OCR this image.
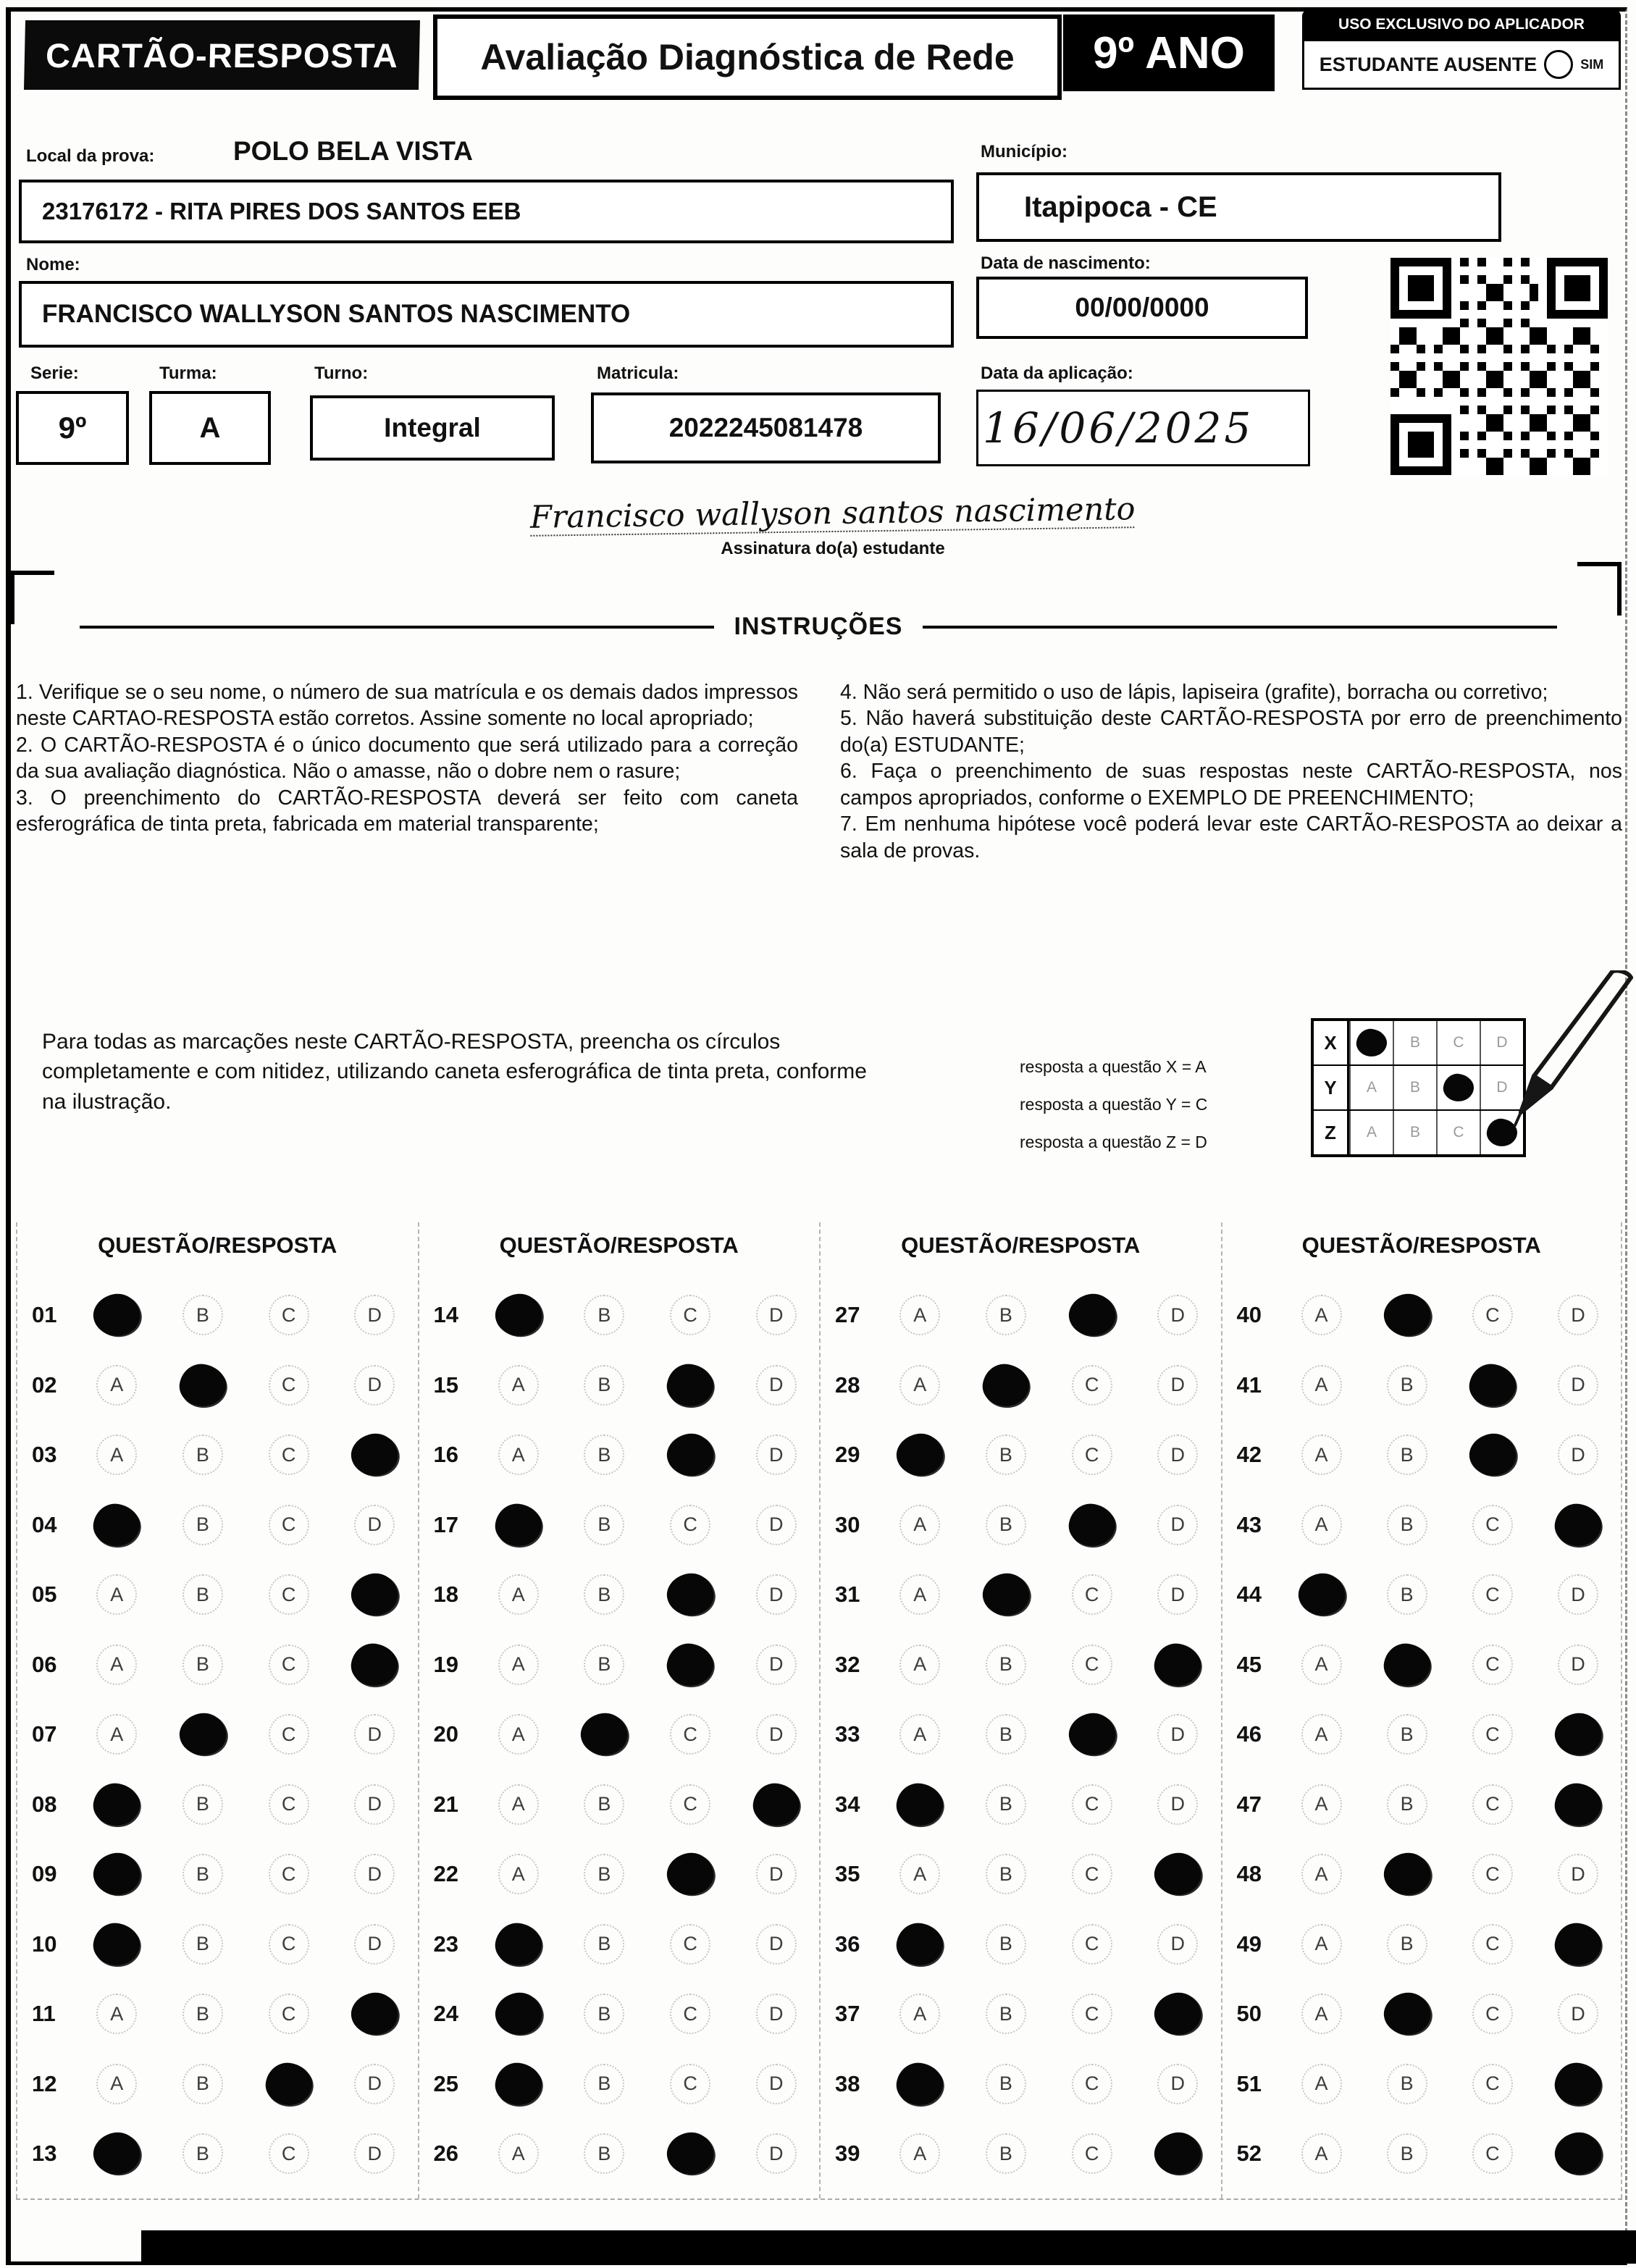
CARTÃO-RESPOSTA	Avaliação Diagnóstica de Rede	9º ANO
USO EXCLUSIVO DO APLICADOR
ESTUDANTE AUSENTE	SIM
Local da prova:	POLO BELA VISTA
23176172 - RITA PIRES DOS SANTOS EEB
Município:
Itapipoca - CE
Nome:
FRANCISCO WALLYSON SANTOS NASCIMENTO
Data de nascimento:
00/00/0000
Serie:
9º
Turma:
A
Turno:
Integral
Matricula:
2022245081478
Data da aplicação:
16/06/2025
Francisco wallyson santos nascimento
Assinatura do(a) estudante
INSTRUÇÕES

1. Verifique se o seu nome, o número de sua matrícula e os demais dados impressos neste CARTAO-RESPOSTA estão corretos. Assine somente no local apropriado;

2. O CARTÃO-RESPOSTA é o único documento que será utilizado para a correção da sua avaliação diagnóstica. Não o amasse, não o dobre nem o rasure;

3. O preenchimento do CARTÃO-RESPOSTA deverá ser feito com caneta esferográfica de tinta preta, fabricada em material transparente;

4. Não será permitido o uso de lápis, lapiseira (grafite), borracha ou corretivo;

5. Não haverá substituição deste CARTÃO-RESPOSTA por erro de preenchimento do(a) ESTUDANTE;

6. Faça o preenchimento de suas respostas neste CARTÃO-RESPOSTA, nos campos apropriados, conforme o EXEMPLO DE PREENCHIMENTO;

7. Em nenhuma hipótese você poderá levar este CARTÃO-RESPOSTA ao deixar a sala de provas.

Para todas as marcações neste CARTÃO-RESPOSTA, preencha os círculos completamente e com nitidez, utilizando caneta esferográfica de tinta preta, conforme na ilustração.
resposta a questão X = A
resposta a questão Y = C
resposta a questão Z = D
X	B C D
Y	A B	D
Z	A B C
QUESTÃO/RESPOSTA
01	B	C	D
02	A	C	D
03	A	B	C
04	B	C	D
05	A	B	C
06	A	B	C
07	A	C	D
08	B	C	D
09	B	C	D
10	B	C	D
11	A	B	C
12	A	B	D
13	B	C	D
QUESTÃO/RESPOSTA
14	B	C	D
15	A	B	D
16	A	B	D
17	B	C	D
18	A	B	D
19	A	B	D
20	A	C	D
21	A	B	C
22	A	B	D
23	B	C	D
24	B	C	D
25	B	C	D
26	A	B	D
QUESTÃO/RESPOSTA
27	A	B	D
28	A	C	D
29	B	C	D
30	A	B	D
31	A	C	D
32	A	B	C
33	A	B	D
34	B	C	D
35	A	B	C
36	B	C	D
37	A	B	C
38	B	C	D
39	A	B	C
QUESTÃO/RESPOSTA
40	A	C	D
41	A	B	D
42	A	B	D
43	A	B	C
44	B	C	D
45	A	C	D
46	A	B	C
47	A	B	C
48	A	C	D
49	A	B	C
50	A	C	D
51	A	B	C
52	A	B	C
